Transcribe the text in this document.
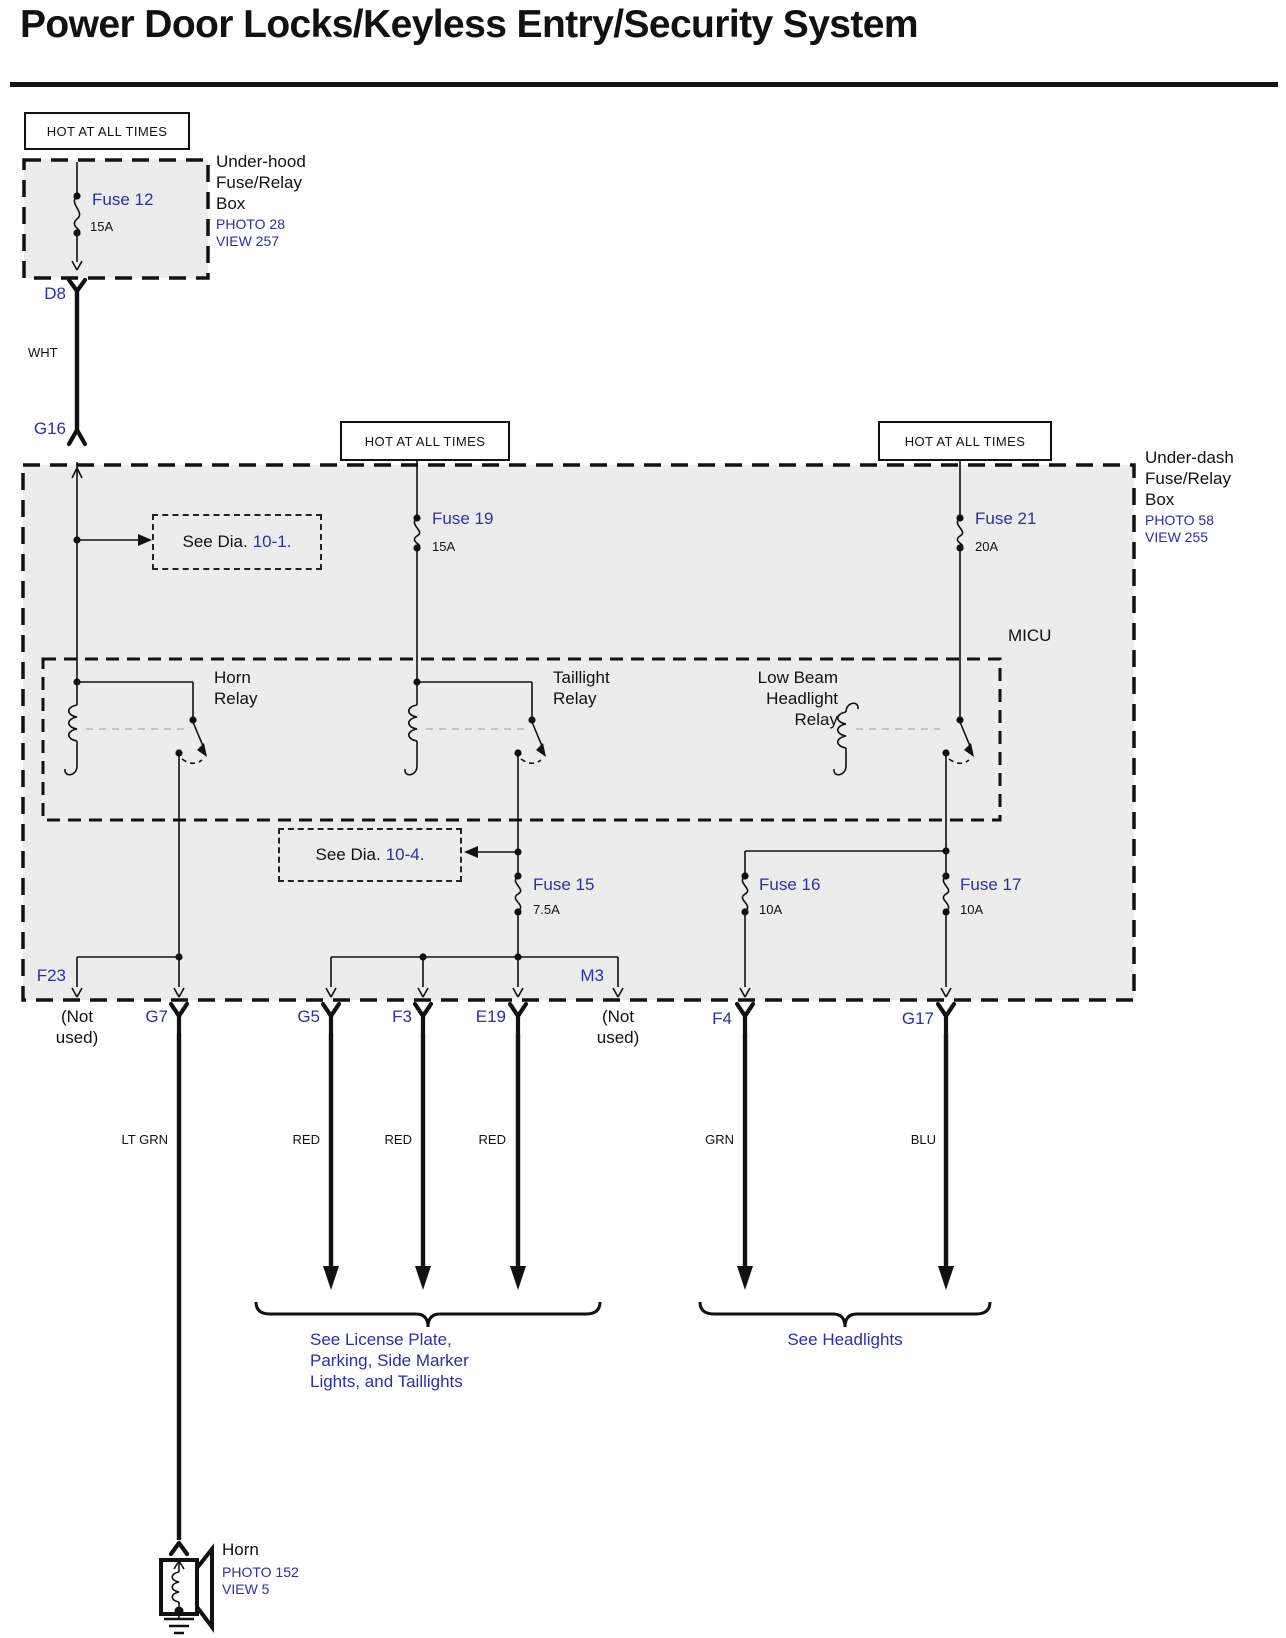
Power Door Locks/Keyless Entry/Security System
HOT AT ALL TIMES
HOT AT ALL TIMES	HOT AT ALL TIMES
Under-hood
Fuse/Relay
Box
PHOTO 28
VIEW 257
Fuse 12
15A
D8
WHT
G16
Under-dash
Fuse/Relay
Box
PHOTO 58
VIEW 255
Fuse 19
15A
Fuse 21
20A
See Dia. 10-1.
See Dia. 10-4.
MICU
Horn
Relay
Taillight
Relay
Low Beam
Headlight
Relay
Fuse 15
7.5A
Fuse 16
10A
Fuse 17
10A
F23	M3
G7	G5	F3	E19	F4	G17
(Not
used)
(Not
used)
LT GRN	RED	RED	RED	GRN	BLU
See License Plate,
Parking, Side Marker
Lights, and Taillights
See Headlights
Horn
PHOTO 152
VIEW 5
